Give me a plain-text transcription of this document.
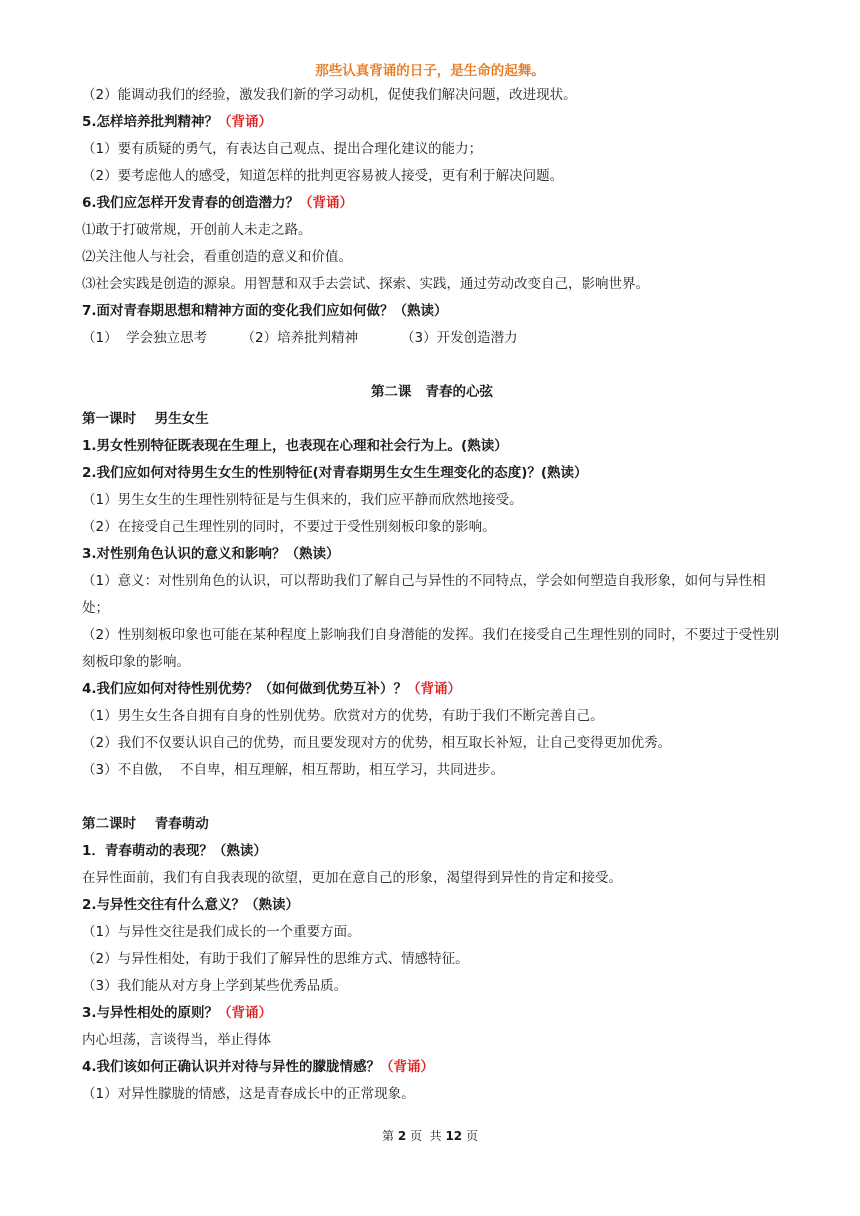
那些认真背诵的日子，是生命的起舞。
（2）能调动我们的经验，激发我们新的学习动机，促使我们解决问题，改进现状。
5.怎样培养批判精神？（背诵）
（1）要有质疑的勇气，有表达自己观点、提出合理化建议的能力；
（2）要考虑他人的感受，知道怎样的批判更容易被人接受，更有利于解决问题。
6.我们应怎样开发青春的创造潜力？（背诵）
⑴敢于打破常规，开创前人未走之路。
⑵关注他人与社会，看重创造的意义和价值。
⑶社会实践是创造的源泉。用智慧和双手去尝试、探索、实践，通过劳动改变自己，影响世界。
7.面对青春期思想和精神方面的变化我们应如何做？（熟读）
（1）  学会独立思考        （2）培养批判精神          （3）开发创造潜力
第二课   青春的心弦
第一课时    男生女生
1.男女性别特征既表现在生理上，也表现在心理和社会行为上。(熟读）
2.我们应如何对待男生女生的性别特征(对青春期男生女生生理变化的态度)？(熟读）
（1）男生女生的生理性别特征是与生俱来的，我们应平静而欣然地接受。
（2）在接受自己生理性别的同时，不要过于受性别刻板印象的影响。
3.对性别角色认识的意义和影响？（熟读）
（1）意义：对性别角色的认识，可以帮助我们了解自己与异性的不同特点，学会如何塑造自我形象，如何与异性相处；
（2）性别刻板印象也可能在某种程度上影响我们自身潜能的发挥。我们在接受自己生理性别的同时，不要过于受性别刻板印象的影响。
4.我们应如何对待性别优势？（如何做到优势互补）？（背诵）
（1）男生女生各自拥有自身的性别优势。欣赏对方的优势，有助于我们不断完善自己。
（2）我们不仅要认识自己的优势，而且要发现对方的优势，相互取长补短，让自己变得更加优秀。
（3）不自傲，  不自卑，相互理解，相互帮助，相互学习，共同进步。
第二课时    青春萌动
1．青春萌动的表现？（熟读）
在异性面前，我们有自我表现的欲望，更加在意自己的形象，渴望得到异性的肯定和接受。
2.与异性交往有什么意义？（熟读）
（1）与异性交往是我们成长的一个重要方面。
（2）与异性相处，有助于我们了解异性的思维方式、情感特征。
（3）我们能从对方身上学到某些优秀品质。
3.与异性相处的原则？（背诵）
内心坦荡，言谈得当，举止得体
4.我们该如何正确认识并对待与异性的朦胧情感？（背诵）
（1）对异性朦胧的情感，这是青春成长中的正常现象。
第 2 页  共 12 页
